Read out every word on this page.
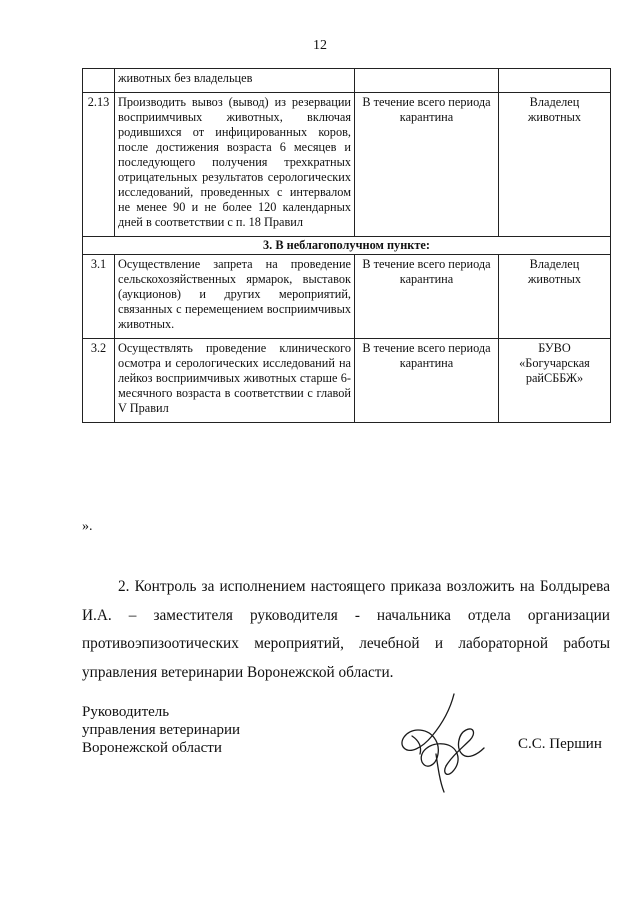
12
	животных без владельцев		
2.13	Производить вывоз (вывод) из резервации восприимчивых животных, включая родившихся от инфицированных коров, после достижения возраста 6 месяцев и последующего получения трехкратных отрицательных результатов серологических исследований, проведенных с интервалом не менее 90 и не более 120 календарных дней в соответствии с п. 18 Правил	В течение всего периода карантина	Владелец животных
3. В неблагополучном пункте:			
3.1	Осуществление запрета на проведение сельскохозяйственных ярмарок, выставок (аукционов) и других мероприятий, связанных с перемещением восприимчивых животных.	В течение всего периода карантина	Владелец животных
3.2	Осуществлять проведение клинического осмотра и серологических исследований на лейкоз восприимчивых животных старше 6-месячного возраста в соответствии с главой V Правил	В течение всего периода карантина	БУВО «Богучарская райСББЖ»
».

2. Контроль за исполнением настоящего приказа возложить на Болдырева И.А. – заместителя руководителя - начальника отдела организации противоэпизоотических мероприятий, лечебной и лабораторной работы управления ветеринарии Воронежской области.

Руководитель
управления ветеринарии
Воронежской области	С.С. Першин
